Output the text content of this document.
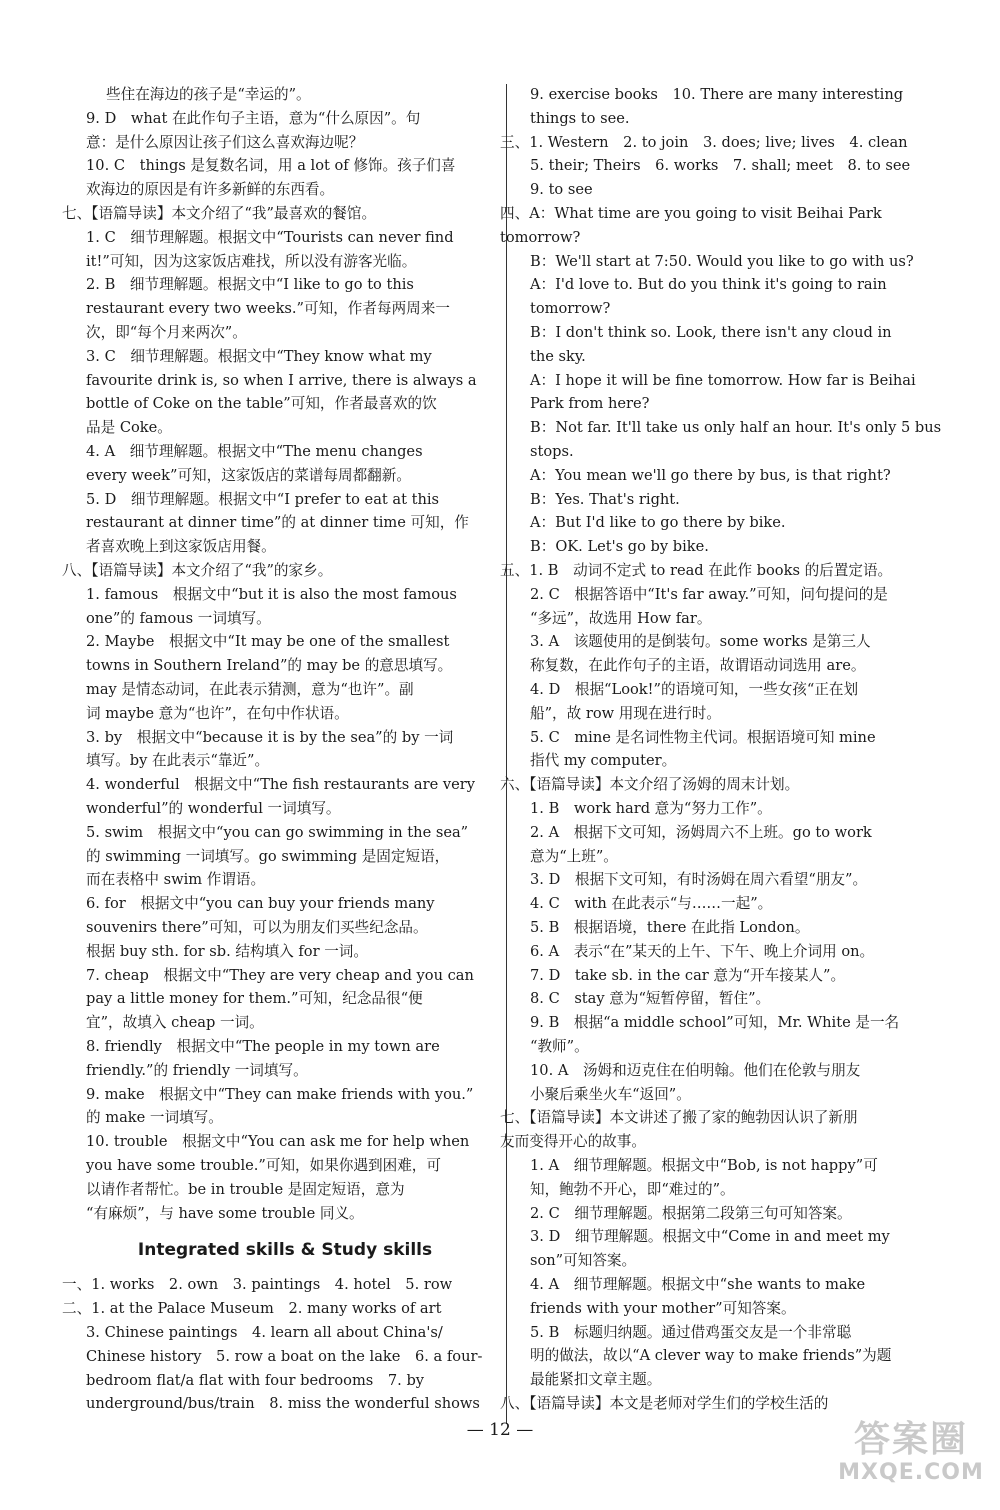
些住在海边的孩子是“幸运的”。
9. D　what 在此作句子主语，意为“什么原因”。句
意：是什么原因让孩子们这么喜欢海边呢？
10. C　things 是复数名词，用 a lot of 修饰。孩子们喜
欢海边的原因是有许多新鲜的东西看。
七、【语篇导读】本文介绍了“我”最喜欢的餐馆。
1. C　细节理解题。根据文中“Tourists can never find
it!”可知，因为这家饭店难找，所以没有游客光临。
2. B　细节理解题。根据文中“I like to go to this
restaurant every two weeks.”可知，作者每两周来一
次，即“每个月来两次”。
3. C　细节理解题。根据文中“They know what my
favourite drink is, so when I arrive, there is always a
bottle of Coke on the table”可知，作者最喜欢的饮
品是 Coke。
4. A　细节理解题。根据文中“The menu changes
every week”可知，这家饭店的菜谱每周都翻新。
5. D　细节理解题。根据文中“I prefer to eat at this
restaurant at dinner time”的 at dinner time 可知，作
者喜欢晚上到这家饭店用餐。
八、【语篇导读】本文介绍了“我”的家乡。
1. famous　根据文中“but it is also the most famous
one”的 famous 一词填写。
2. Maybe　根据文中“It may be one of the smallest
towns in Southern Ireland”的 may be 的意思填写。
may 是情态动词，在此表示猜测，意为“也许”。副
词 maybe 意为“也许”，在句中作状语。
3. by　根据文中“because it is by the sea”的 by 一词
填写。by 在此表示“靠近”。
4. wonderful　根据文中“The fish restaurants are very
wonderful”的 wonderful 一词填写。
5. swim　根据文中“you can go swimming in the sea”
的 swimming 一词填写。go swimming 是固定短语，
而在表格中 swim 作谓语。
6. for　根据文中“you can buy your friends many
souvenirs there”可知，可以为朋友们买些纪念品。
根据 buy sth. for sb. 结构填入 for 一词。
7. cheap　根据文中“They are very cheap and you can
pay a little money for them.”可知，纪念品很“便
宜”，故填入 cheap 一词。
8. friendly　根据文中“The people in my town are
friendly.”的 friendly 一词填写。
9. make　根据文中“They can make friends with you.”
的 make 一词填写。
10. trouble　根据文中“You can ask me for help when
you have some trouble.”可知，如果你遇到困难，可
以请作者帮忙。be in trouble 是固定短语，意为
“有麻烦”，与 have some trouble 同义。
Integrated skills & Study skills
一、1. works　2. own　3. paintings　4. hotel　5. row
二、1. at the Palace Museum　2. many works of art
3. Chinese paintings　4. learn all about China's/
Chinese history　5. row a boat on the lake　6. a four-
bedroom flat/a flat with four bedrooms　7. by
underground/bus/train　8. miss the wonderful shows
9. exercise books　10. There are many interesting
things to see.
三、1. Western　2. to join　3. does; live; lives　4. clean
5. their; Theirs　6. works　7. shall; meet　8. to see
9. to see
四、A：What time are you going to visit Beihai Park
tomorrow?
B：We'll start at 7:50. Would you like to go with us?
A：I'd love to. But do you think it's going to rain
tomorrow?
B：I don't think so. Look, there isn't any cloud in
the sky.
A：I hope it will be fine tomorrow. How far is Beihai
Park from here?
B：Not far. It'll take us only half an hour. It's only 5 bus
stops.
A：You mean we'll go there by bus, is that right?
B：Yes. That's right.
A：But I'd like to go there by bike.
B：OK. Let's go by bike.
五、1. B　动词不定式 to read 在此作 books 的后置定语。
2. C　根据答语中“It's far away.”可知，问句提问的是
“多远”，故选用 How far。
3. A　该题使用的是倒装句。some works 是第三人
称复数，在此作句子的主语，故谓语动词选用 are。
4. D　根据“Look!”的语境可知，一些女孩“正在划
船”，故 row 用现在进行时。
5. C　mine 是名词性物主代词。根据语境可知 mine
指代 my computer。
六、【语篇导读】本文介绍了汤姆的周末计划。
1. B　work hard 意为“努力工作”。
2. A　根据下文可知，汤姆周六不上班。go to work
意为“上班”。
3. D　根据下文可知，有时汤姆在周六看望“朋友”。
4. C　with 在此表示“与……一起”。
5. B　根据语境，there 在此指 London。
6. A　表示“在”某天的上午、下午、晚上介词用 on。
7. D　take sb. in the car 意为“开车接某人”。
8. C　stay 意为“短暂停留，暂住”。
9. B　根据“a middle school”可知，Mr. White 是一名
“教师”。
10. A　汤姆和迈克住在伯明翰。他们在伦敦与朋友
小聚后乘坐火车“返回”。
七、【语篇导读】本文讲述了搬了家的鲍勃因认识了新朋
友而变得开心的故事。
1. A　细节理解题。根据文中“Bob, is not happy”可
知，鲍勃不开心，即“难过的”。
2. C　细节理解题。根据第二段第三句可知答案。
3. D　细节理解题。根据文中“Come in and meet my
son”可知答案。
4. A　细节理解题。根据文中“she wants to make
friends with your mother”可知答案。
5. B　标题归纳题。通过借鸡蛋交友是一个非常聪
明的做法，故以“A clever way to make friends”为题
最能紧扣文章主题。
八、【语篇导读】本文是老师对学生们的学校生活的
— 12 —	答案圈
MXQE.COM
